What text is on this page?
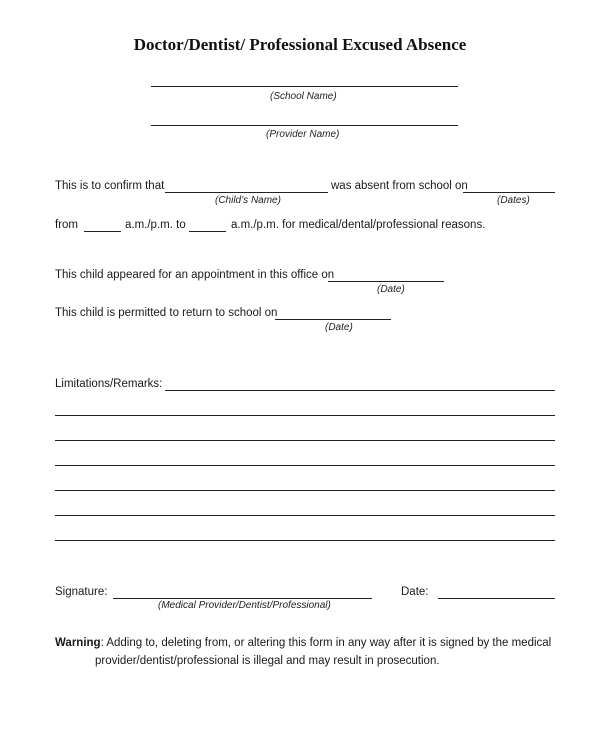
Doctor/Dentist/ Professional Excused Absence
(School Name)
(Provider Name)
This is to confirm that	was absent from school on
(Child’s Name)	(Dates)
from	a.m./p.m. to	a.m./p.m. for medical/dental/professional reasons.
This child appeared for an appointment in this office on
(Date)
This child is permitted to return to school on
(Date)
Limitations/Remarks:
Signature:
(Medical Provider/Dentist/Professional)
Date:
Warning: Adding to, deleting from, or altering this form in any way after it is signed by the medical
provider/dentist/professional is illegal and may result in prosecution.
